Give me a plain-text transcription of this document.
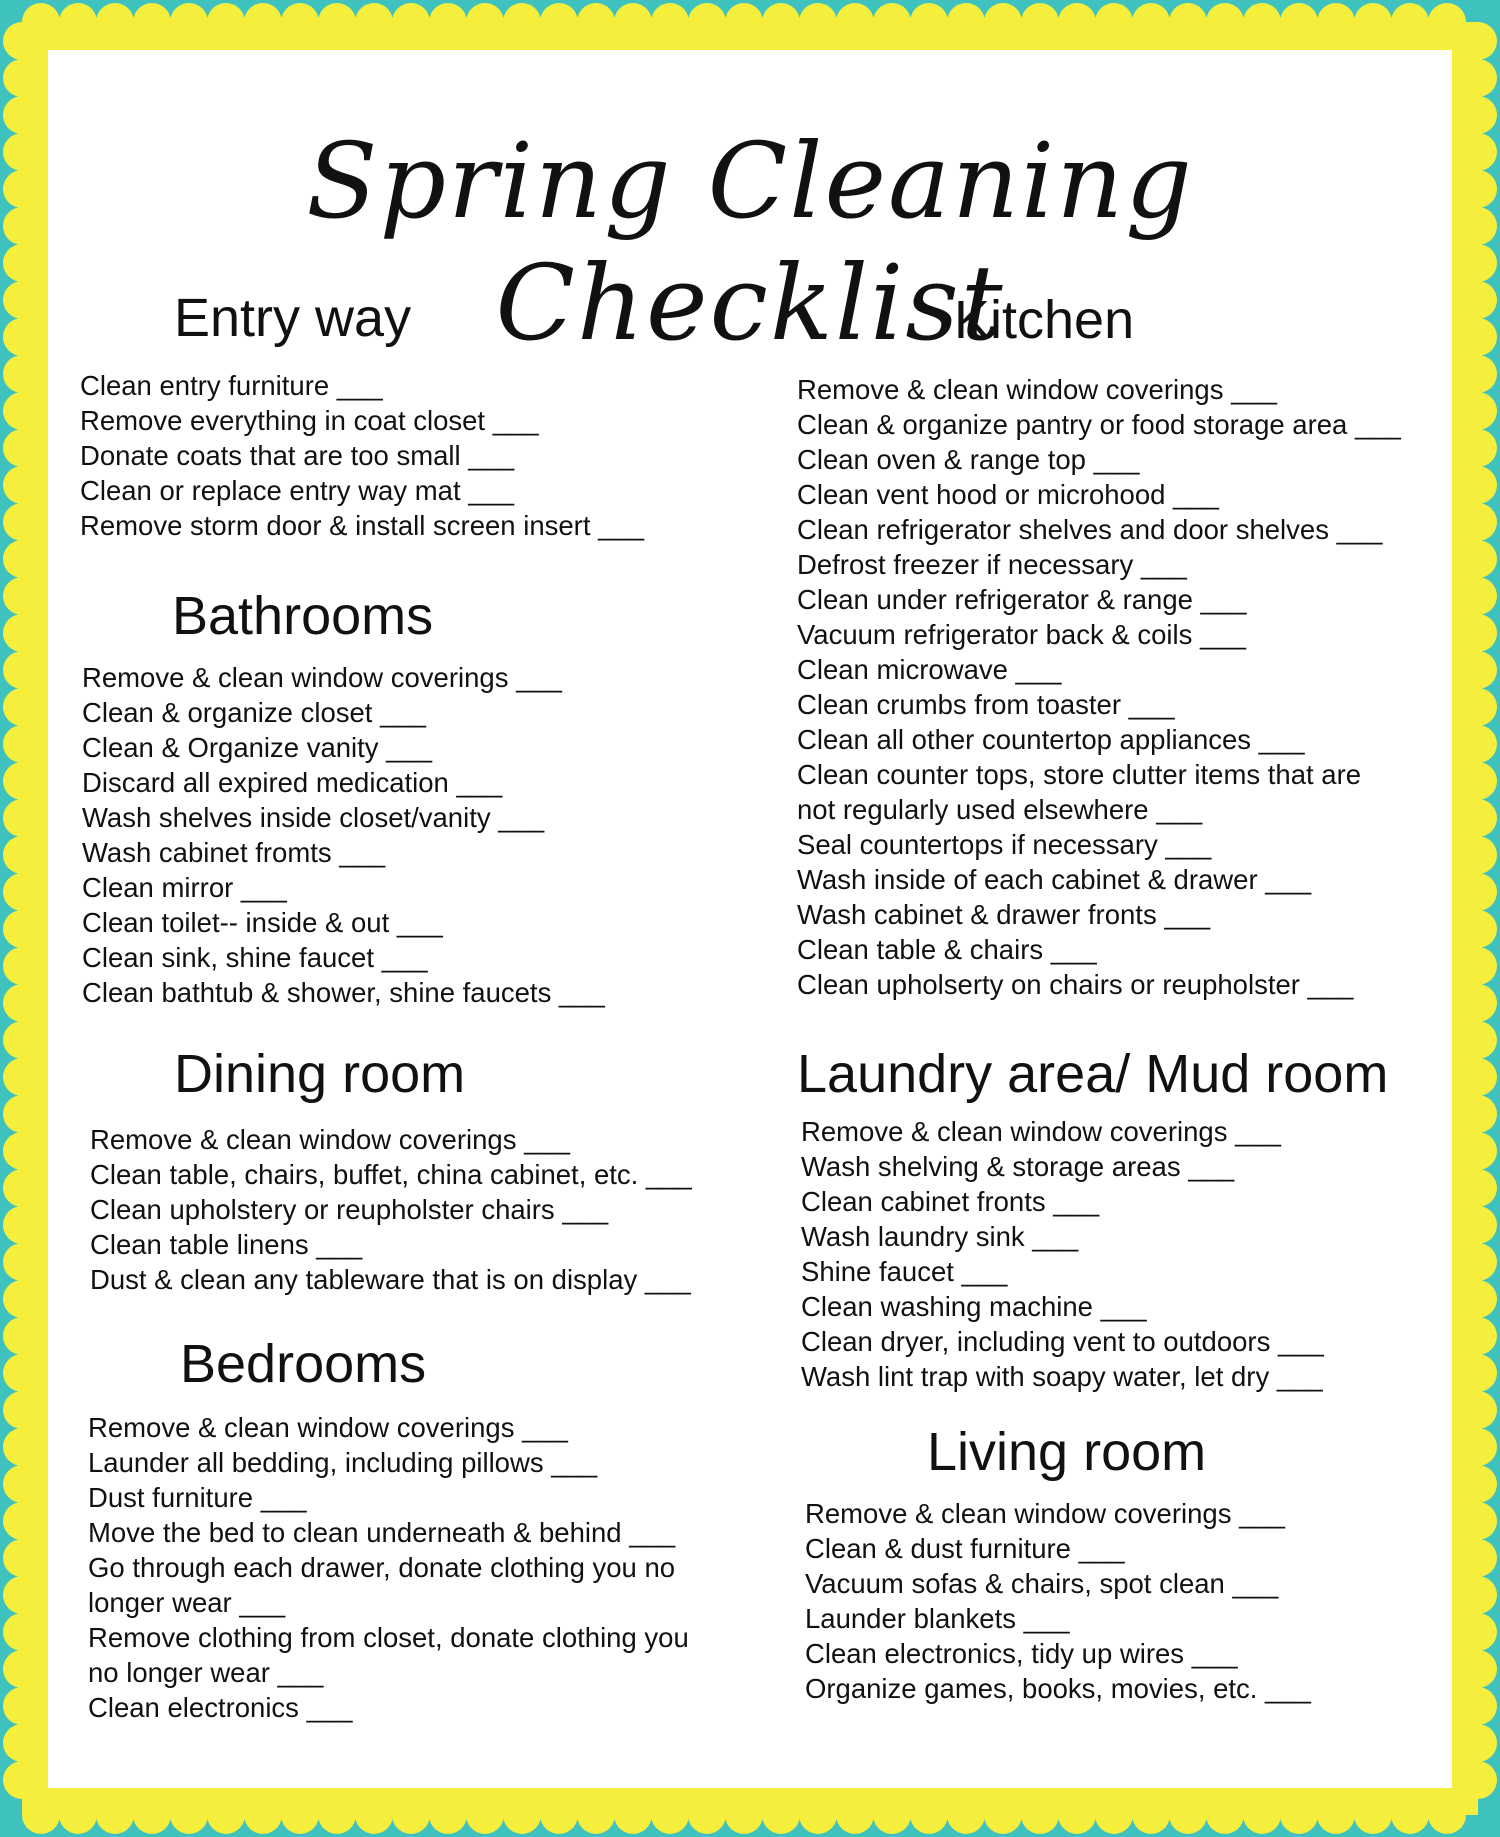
Spring Cleaning Checklist
Entry way
Clean entry furniture ___
Remove everything in coat closet ___
Donate coats that are too small ___
Clean or replace entry way mat ___
Remove storm door & install screen insert ___
Bathrooms
Remove & clean window coverings ___
Clean & organize closet ___
Clean & Organize vanity ___
Discard all expired medication ___
Wash shelves inside closet/vanity ___
Wash cabinet fromts ___
Clean mirror ___
Clean toilet-- inside & out ___
Clean sink, shine faucet ___
Clean bathtub & shower, shine faucets ___
Dining room
Remove & clean window coverings ___
Clean table, chairs, buffet, china cabinet, etc. ___
Clean upholstery or reupholster chairs ___
Clean table linens ___
Dust & clean any tableware that is on display ___
Bedrooms
Remove & clean window coverings ___
Launder all bedding, including pillows ___
Dust furniture ___
Move the bed to clean underneath & behind ___
Go through each drawer, donate clothing you no
longer wear ___
Remove clothing from closet, donate clothing you
no longer wear ___
Clean electronics ___
Kitchen
Remove & clean window coverings ___
Clean & organize pantry or food storage area ___
Clean oven & range top ___
Clean vent hood or microhood ___
Clean refrigerator shelves and door shelves ___
Defrost freezer if necessary ___
Clean under refrigerator & range ___
Vacuum refrigerator back & coils ___
Clean microwave ___
Clean crumbs from toaster ___
Clean all other countertop appliances ___
Clean counter tops, store clutter items that are
not regularly used elsewhere ___
Seal countertops if necessary ___
Wash inside of each cabinet & drawer ___
Wash cabinet & drawer fronts ___
Clean table & chairs ___
Clean upholserty on chairs or reupholster ___
Laundry area/ Mud room
Remove & clean window coverings ___
Wash shelving & storage areas ___
Clean cabinet fronts ___
Wash laundry sink ___
Shine faucet ___
Clean washing machine ___
Clean dryer, including vent to outdoors ___
Wash lint trap with soapy water, let dry ___
Living room
Remove & clean window coverings ___
Clean & dust furniture ___
Vacuum sofas & chairs, spot clean ___
Launder blankets ___
Clean electronics, tidy up wires ___
Organize games, books, movies, etc. ___
